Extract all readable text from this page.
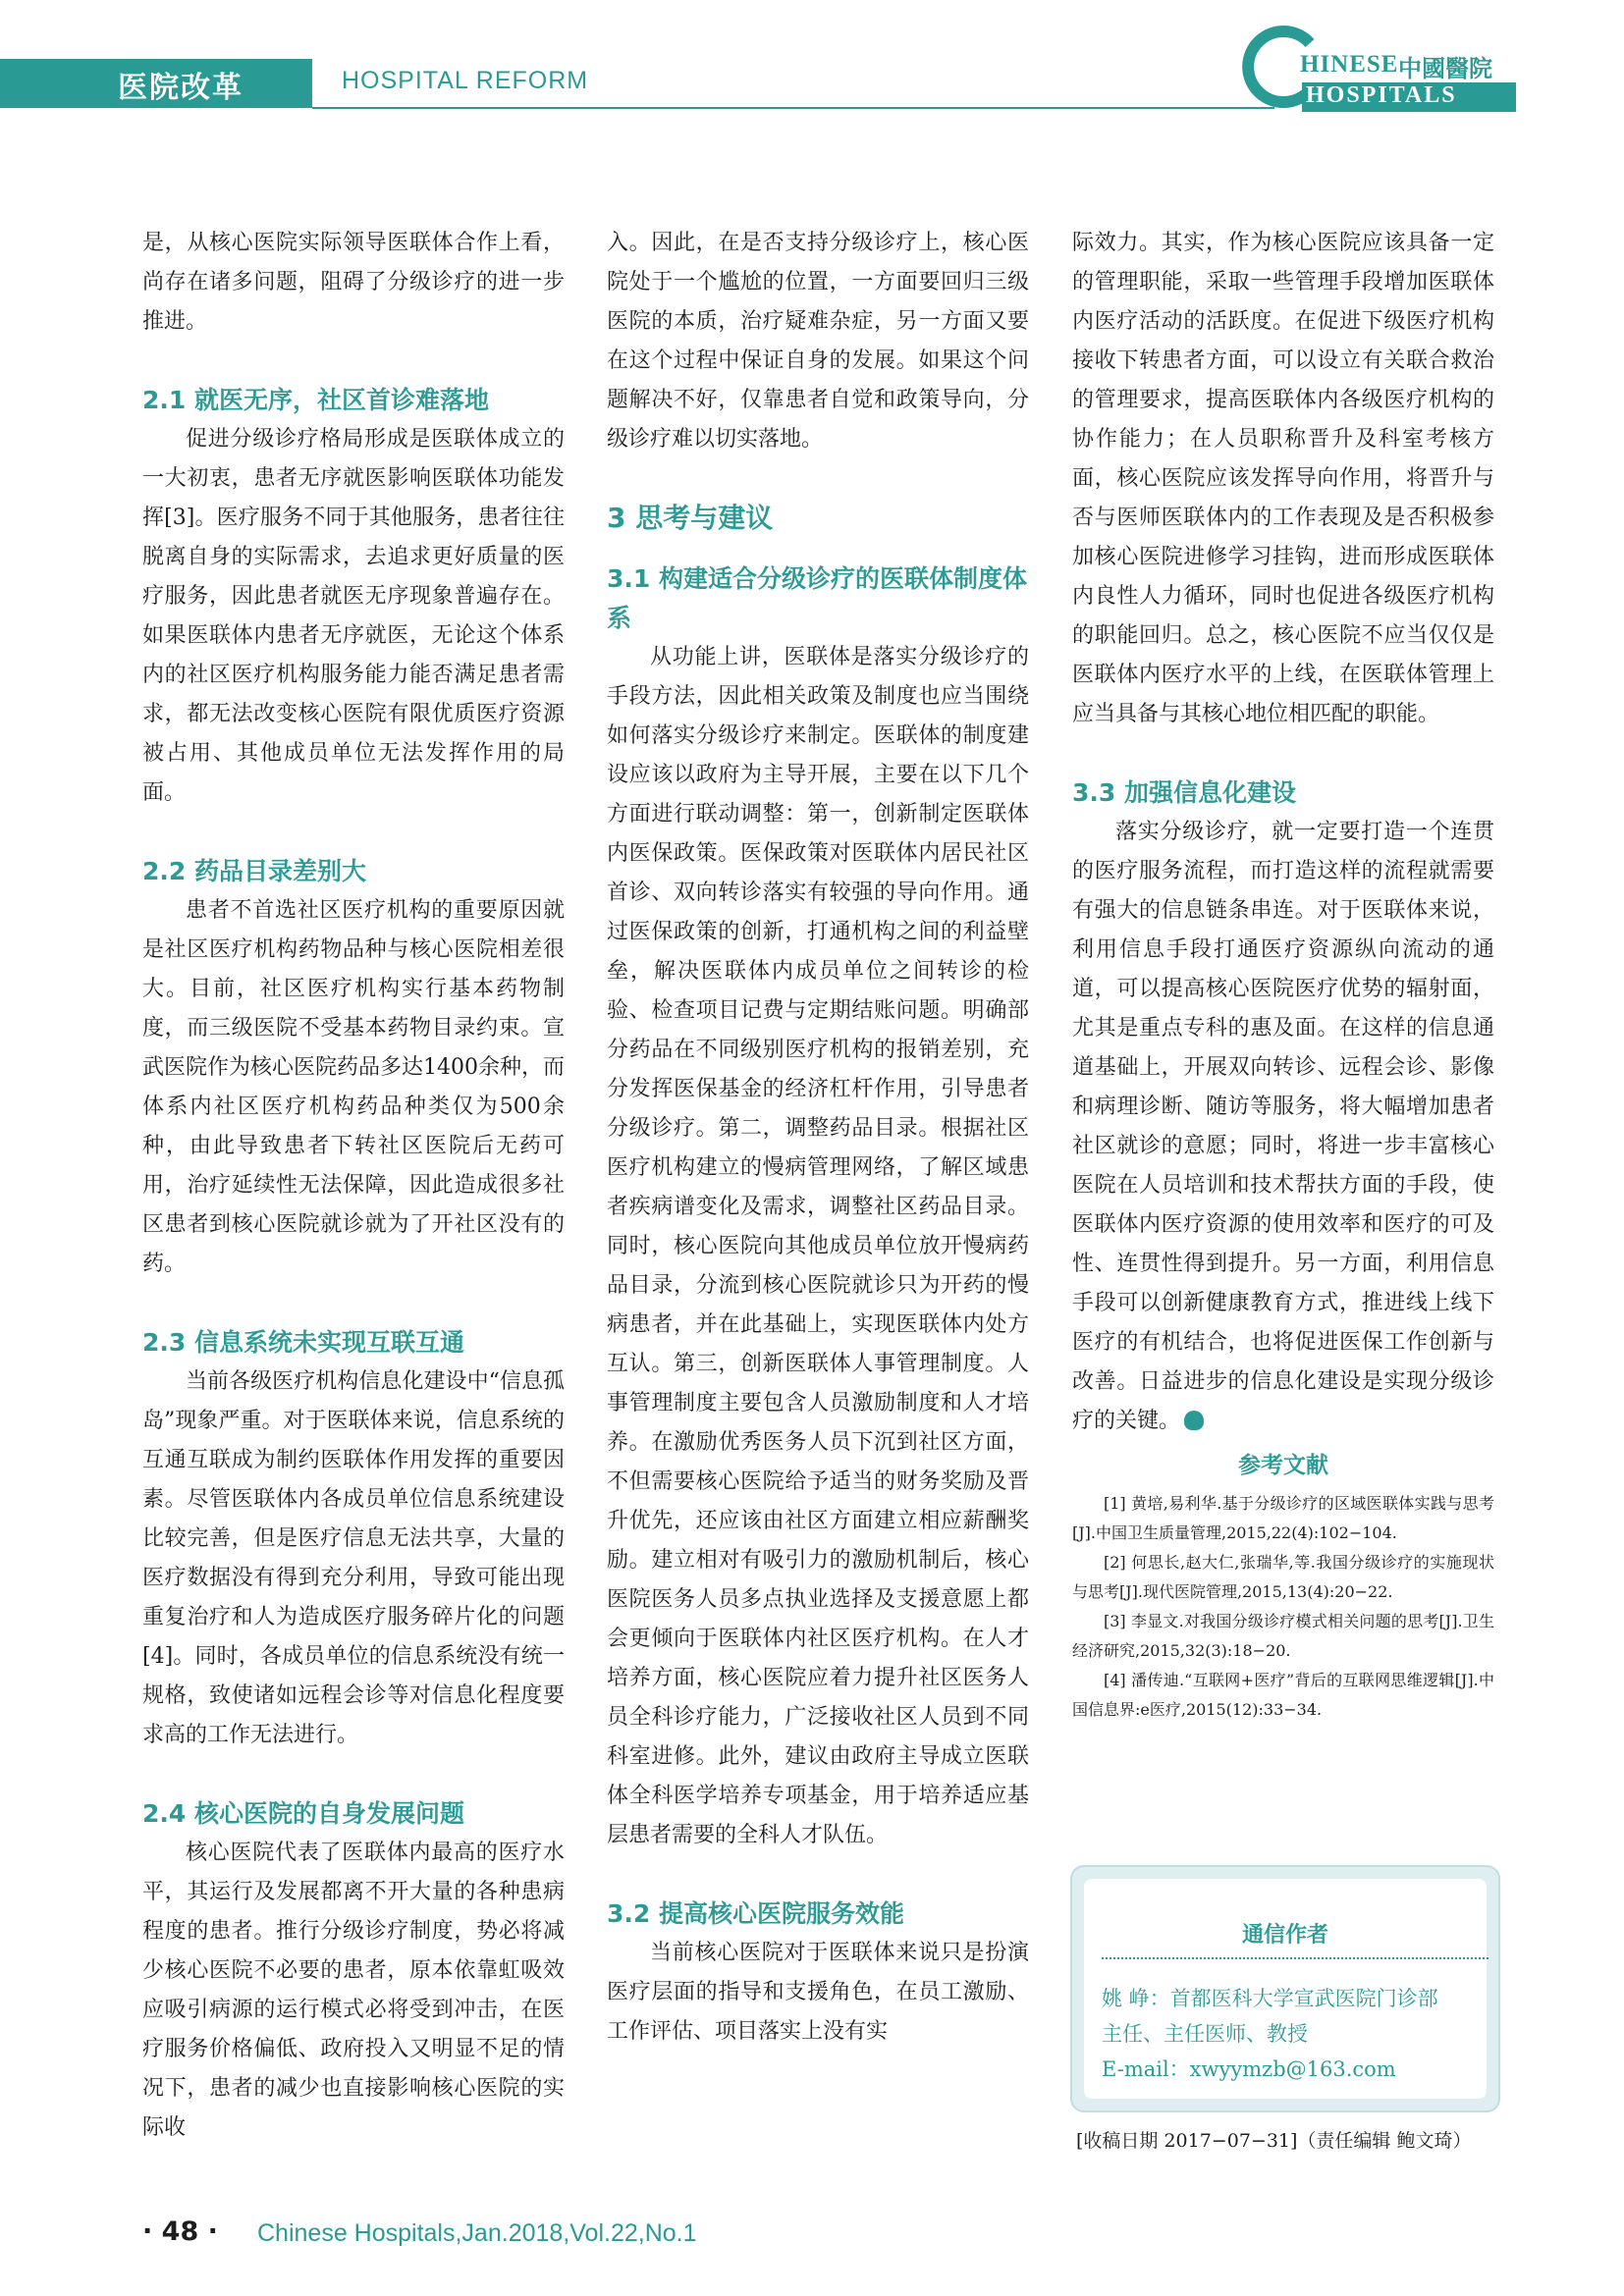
医院改革	HOSPITAL REFORM
HINESE 中國醫院
HOSPITALS

是，从核心医院实际领导医联体合作上看，尚存在诸多问题，阻碍了分级诊疗的进一步推进。

2.1 就医无序，社区首诊难落地

促进分级诊疗格局形成是医联体成立的一大初衷，患者无序就医影响医联体功能发挥[3]。医疗服务不同于其他服务，患者往往脱离自身的实际需求，去追求更好质量的医疗服务，因此患者就医无序现象普遍存在。如果医联体内患者无序就医，无论这个体系内的社区医疗机构服务能力能否满足患者需求，都无法改变核心医院有限优质医疗资源被占用、其他成员单位无法发挥作用的局面。

2.2 药品目录差别大

患者不首选社区医疗机构的重要原因就是社区医疗机构药物品种与核心医院相差很大。目前，社区医疗机构实行基本药物制度，而三级医院不受基本药物目录约束。宣武医院作为核心医院药品多达1400余种，而体系内社区医疗机构药品种类仅为500余种，由此导致患者下转社区医院后无药可用，治疗延续性无法保障，因此造成很多社区患者到核心医院就诊就为了开社区没有的药。

2.3 信息系统未实现互联互通

当前各级医疗机构信息化建设中“信息孤岛”现象严重。对于医联体来说，信息系统的互通互联成为制约医联体作用发挥的重要因素。尽管医联体内各成员单位信息系统建设比较完善，但是医疗信息无法共享，大量的医疗数据没有得到充分利用，导致可能出现重复治疗和人为造成医疗服务碎片化的问题[4]。同时，各成员单位的信息系统没有统一规格，致使诸如远程会诊等对信息化程度要求高的工作无法进行。

2.4 核心医院的自身发展问题

核心医院代表了医联体内最高的医疗水平，其运行及发展都离不开大量的各种患病程度的患者。推行分级诊疗制度，势必将减少核心医院不必要的患者，原本依靠虹吸效应吸引病源的运行模式必将受到冲击，在医疗服务价格偏低、政府投入又明显不足的情况下，患者的减少也直接影响核心医院的实际收

入。因此，在是否支持分级诊疗上，核心医院处于一个尴尬的位置，一方面要回归三级医院的本质，治疗疑难杂症，另一方面又要在这个过程中保证自身的发展。如果这个问题解决不好，仅靠患者自觉和政策导向，分级诊疗难以切实落地。

3 思考与建议

3.1 构建适合分级诊疗的医联体制度体系

从功能上讲，医联体是落实分级诊疗的手段方法，因此相关政策及制度也应当围绕如何落实分级诊疗来制定。医联体的制度建设应该以政府为主导开展，主要在以下几个方面进行联动调整：第一，创新制定医联体内医保政策。医保政策对医联体内居民社区首诊、双向转诊落实有较强的导向作用。通过医保政策的创新，打通机构之间的利益壁垒，解决医联体内成员单位之间转诊的检验、检查项目记费与定期结账问题。明确部分药品在不同级别医疗机构的报销差别，充分发挥医保基金的经济杠杆作用，引导患者分级诊疗。第二，调整药品目录。根据社区医疗机构建立的慢病管理网络，了解区域患者疾病谱变化及需求，调整社区药品目录。同时，核心医院向其他成员单位放开慢病药品目录，分流到核心医院就诊只为开药的慢病患者，并在此基础上，实现医联体内处方互认。第三，创新医联体人事管理制度。人事管理制度主要包含人员激励制度和人才培养。在激励优秀医务人员下沉到社区方面，不但需要核心医院给予适当的财务奖励及晋升优先，还应该由社区方面建立相应薪酬奖励。建立相对有吸引力的激励机制后，核心医院医务人员多点执业选择及支援意愿上都会更倾向于医联体内社区医疗机构。在人才培养方面，核心医院应着力提升社区医务人员全科诊疗能力，广泛接收社区人员到不同科室进修。此外，建议由政府主导成立医联体全科医学培养专项基金，用于培养适应基层患者需要的全科人才队伍。

3.2 提高核心医院服务效能

当前核心医院对于医联体来说只是扮演医疗层面的指导和支援角色，在员工激励、工作评估、项目落实上没有实

际效力。其实，作为核心医院应该具备一定的管理职能，采取一些管理手段增加医联体内医疗活动的活跃度。在促进下级医疗机构接收下转患者方面，可以设立有关联合救治的管理要求，提高医联体内各级医疗机构的协作能力；在人员职称晋升及科室考核方面，核心医院应该发挥导向作用，将晋升与否与医师医联体内的工作表现及是否积极参加核心医院进修学习挂钩，进而形成医联体内良性人力循环，同时也促进各级医疗机构的职能回归。总之，核心医院不应当仅仅是医联体内医疗水平的上线，在医联体管理上应当具备与其核心地位相匹配的职能。

3.3 加强信息化建设

落实分级诊疗，就一定要打造一个连贯的医疗服务流程，而打造这样的流程就需要有强大的信息链条串连。对于医联体来说，利用信息手段打通医疗资源纵向流动的通道，可以提高核心医院医疗优势的辐射面，尤其是重点专科的惠及面。在这样的信息通道基础上，开展双向转诊、远程会诊、影像和病理诊断、随访等服务，将大幅增加患者社区就诊的意愿；同时，将进一步丰富核心医院在人员培训和技术帮扶方面的手段，使医联体内医疗资源的使用效率和医疗的可及性、连贯性得到提升。另一方面，利用信息手段可以创新健康教育方式，推进线上线下医疗的有机结合，也将促进医保工作创新与改善。日益进步的信息化建设是实现分级诊疗的关键。

参考文献

[1] 黄培,易利华.基于分级诊疗的区域医联体实践与思考[J].中国卫生质量管理,2015,22(4):102−104.

[2] 何思长,赵大仁,张瑞华,等.我国分级诊疗的实施现状与思考[J].现代医院管理,2015,13(4):20−22.

[3] 李显文.对我国分级诊疗模式相关问题的思考[J].卫生经济研究,2015,32(3):18−20.

[4] 潘传迪.“互联网+医疗”背后的互联网思维逻辑[J].中国信息界:e医疗,2015(12):33−34.

通信作者
姚 峥：首都医科大学宣武医院门诊部
主任、主任医师、教授
E-mail：xwyymzb@163.com
[收稿日期 2017−07−31]（责任编辑 鲍文琦）
· 48 · Chinese Hospitals,Jan.2018,Vol.22,No.1
